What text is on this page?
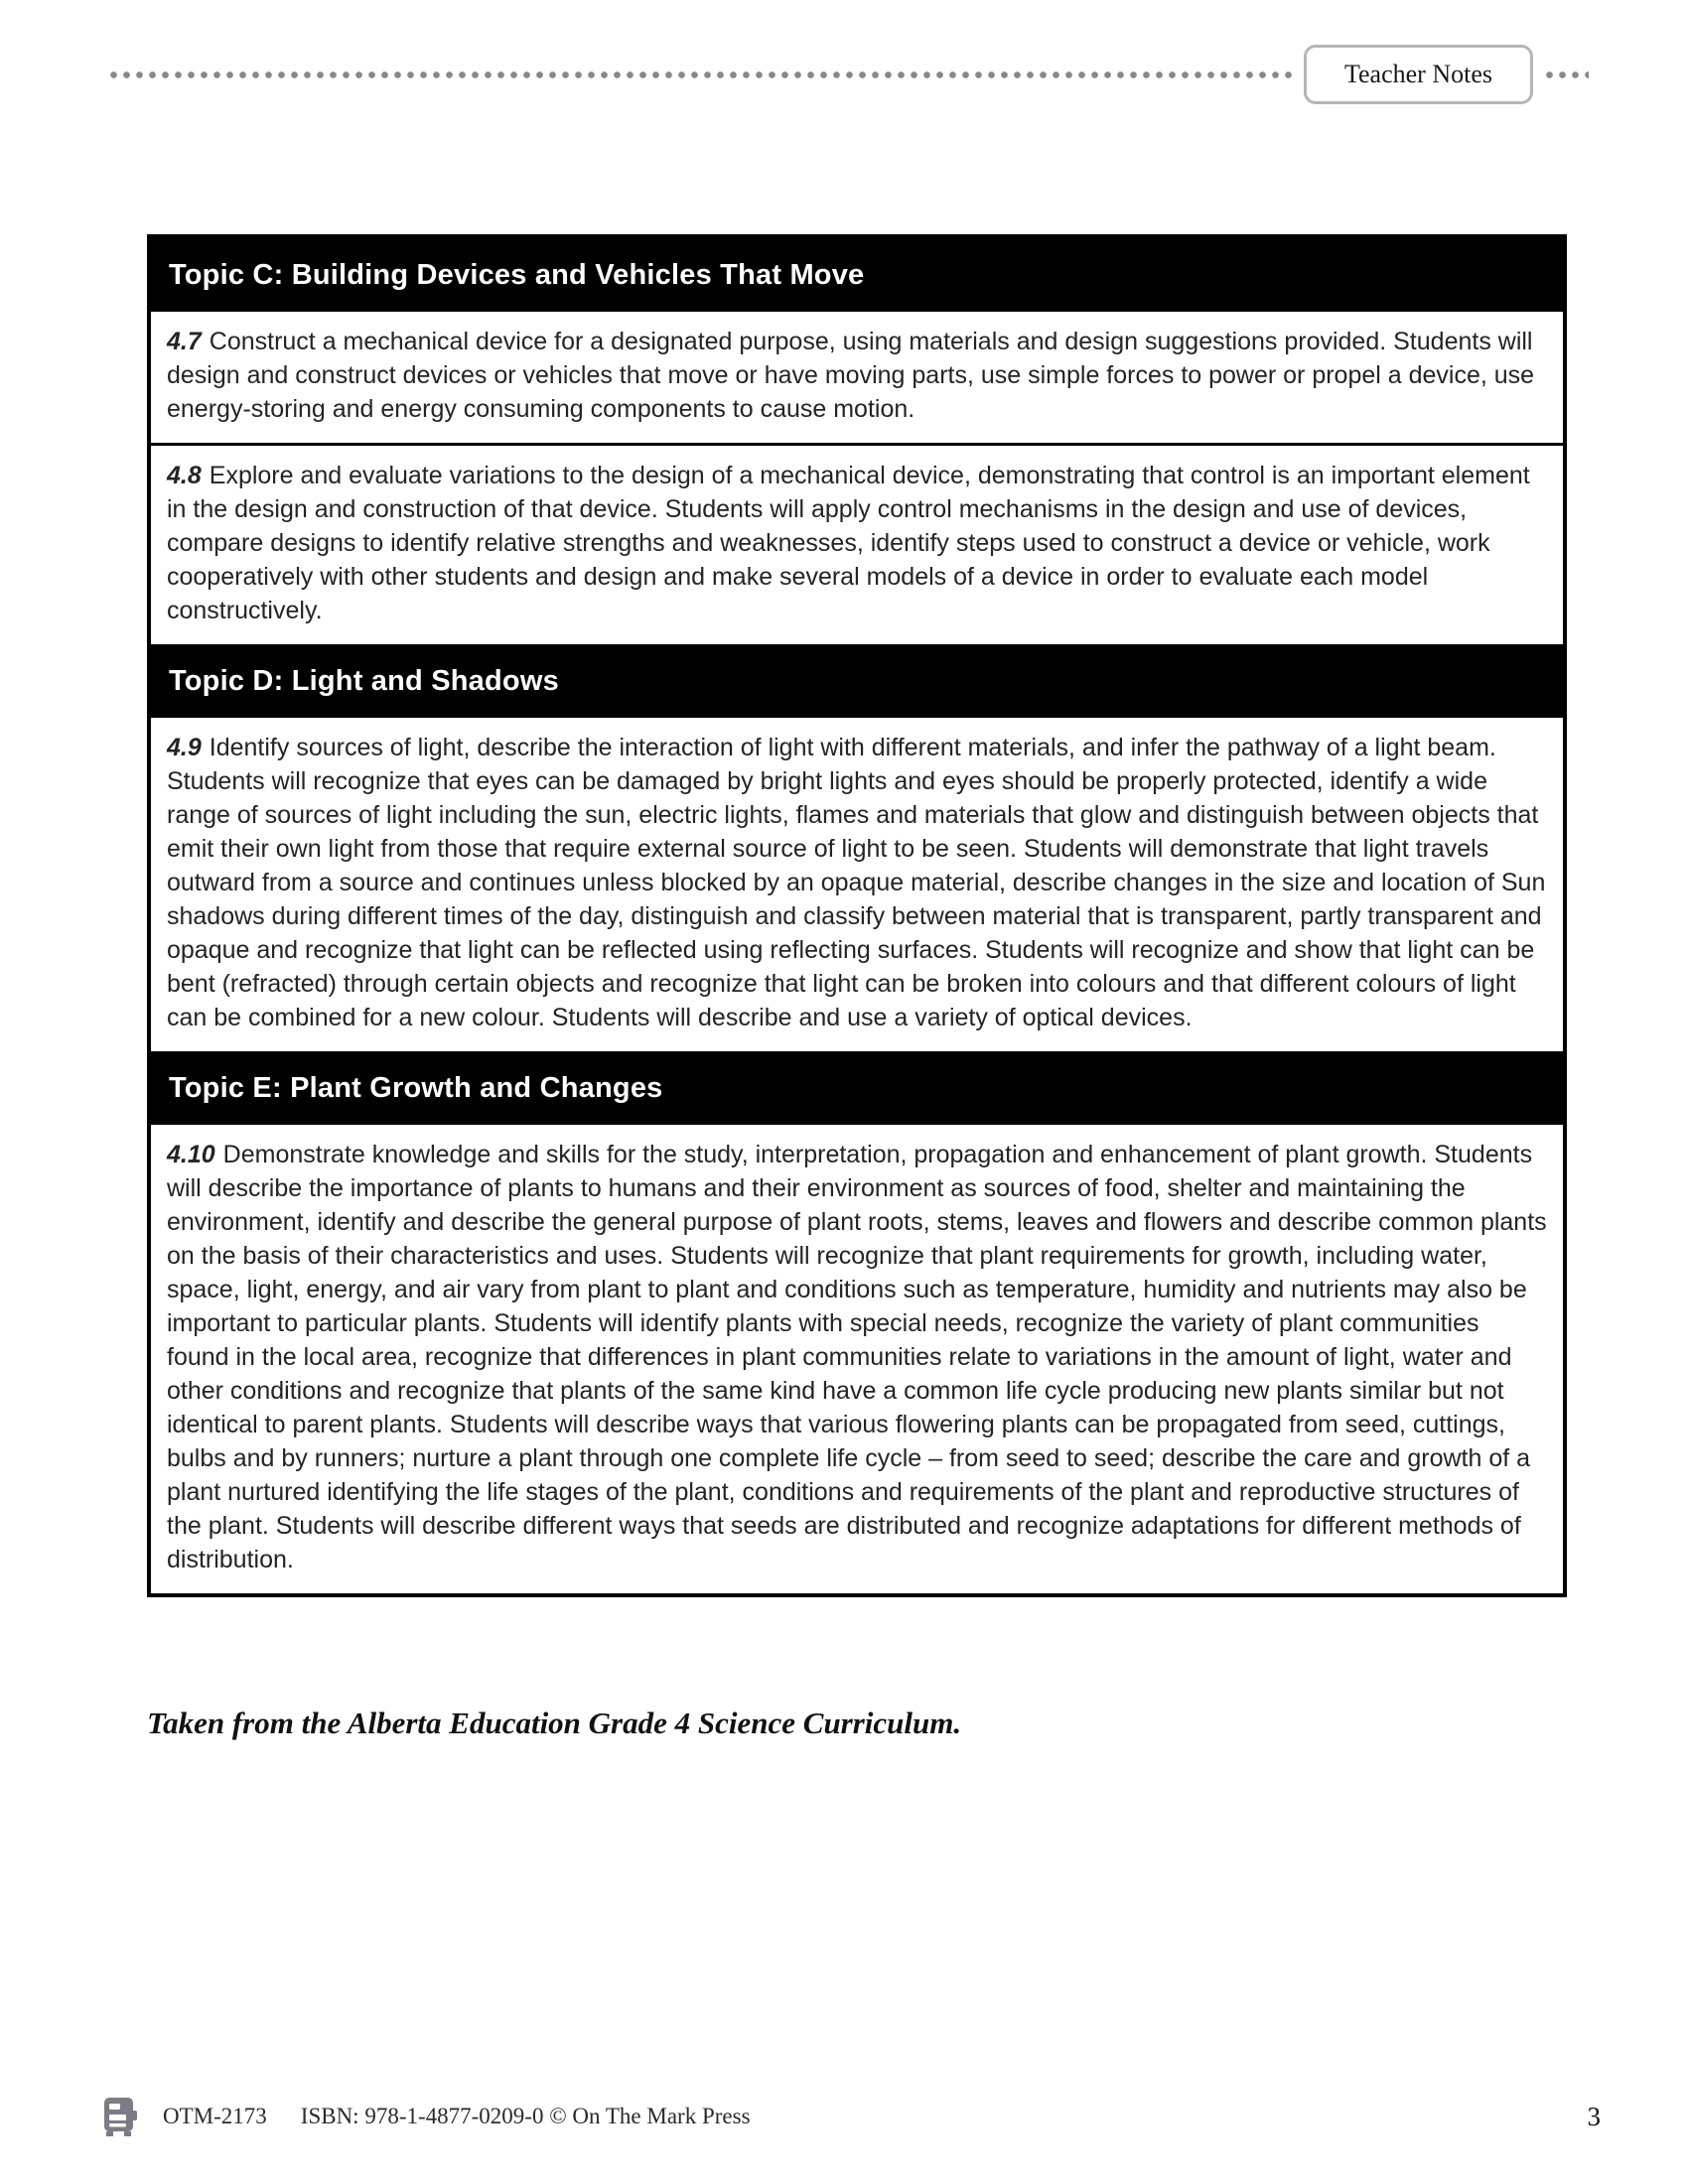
Teacher Notes
Topic C: Building Devices and Vehicles That Move
4.7 Construct a mechanical device for a designated purpose, using materials and design suggestions provided. Students will design and construct devices or vehicles that move or have moving parts, use simple forces to power or propel a device, use energy-storing and energy consuming components to cause motion.
4.8 Explore and evaluate variations to the design of a mechanical device, demonstrating that control is an important element in the design and construction of that device. Students will apply control mechanisms in the design and use of devices, compare designs to identify relative strengths and weaknesses, identify steps used to construct a device or vehicle, work cooperatively with other students and design and make several models of a device in order to evaluate each model constructively.
Topic D: Light and Shadows
4.9 Identify sources of light, describe the interaction of light with different materials, and infer the pathway of a light beam. Students will recognize that eyes can be damaged by bright lights and eyes should be properly protected, identify a wide range of sources of light including the sun, electric lights, flames and materials that glow and distinguish between objects that emit their own light from those that require external source of light to be seen. Students will demonstrate that light travels outward from a source and continues unless blocked by an opaque material, describe changes in the size and location of Sun shadows during different times of the day, distinguish and classify between material that is transparent, partly transparent and opaque and recognize that light can be reflected using reflecting surfaces. Students will recognize and show that light can be bent (refracted) through certain objects and recognize that light can be broken into colours and that different colours of light can be combined for a new colour. Students will describe and use a variety of optical devices.
Topic E: Plant Growth and Changes
4.10 Demonstrate knowledge and skills for the study, interpretation, propagation and enhancement of plant growth. Students will describe the importance of plants to humans and their environment as sources of food, shelter and maintaining the environment, identify and describe the general purpose of plant roots, stems, leaves and flowers and describe common plants on the basis of their characteristics and uses. Students will recognize that plant requirements for growth, including water, space, light, energy, and air vary from plant to plant and conditions such as temperature, humidity and nutrients may also be important to particular plants. Students will identify plants with special needs, recognize the variety of plant communities found in the local area, recognize that differences in plant communities relate to variations in the amount of light, water and other conditions and recognize that plants of the same kind have a common life cycle producing new plants similar but not identical to parent plants. Students will describe ways that various flowering plants can be propagated from seed, cuttings, bulbs and by runners; nurture a plant through one complete life cycle – from seed to seed; describe the care and growth of a plant nurtured identifying the life stages of the plant, conditions and requirements of the plant and reproductive structures of the plant. Students will describe different ways that seeds are distributed and recognize adaptations for different methods of distribution.
Taken from the Alberta Education Grade 4 Science Curriculum.
OTM-2173 ISBN: 978-1-4877-0209-0 © On The Mark Press	3
